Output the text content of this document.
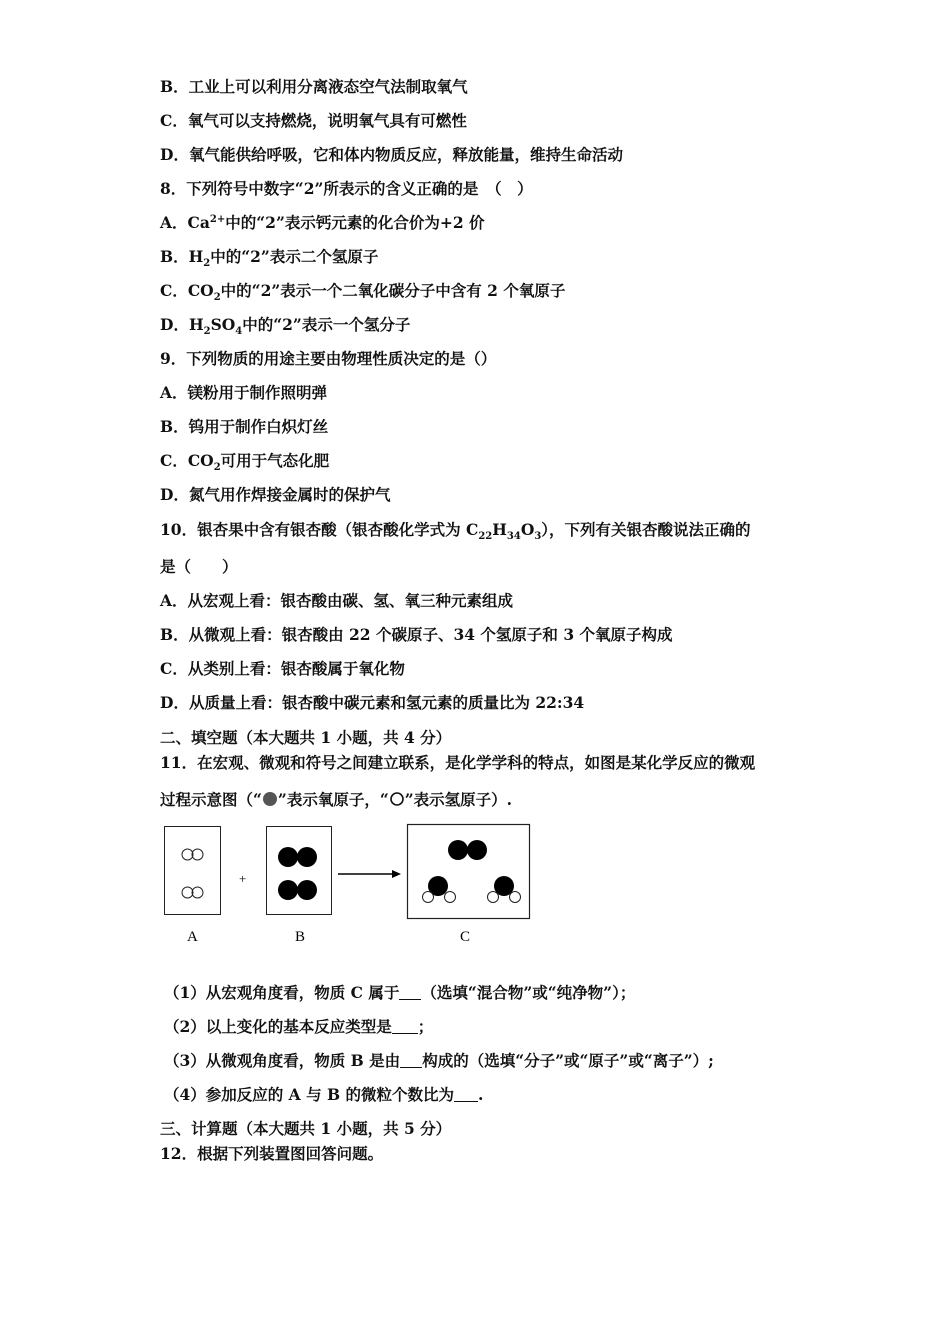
B．工业上可以利用分离液态空气法制取氧气
C．氧气可以支持燃烧，说明氧气具有可燃性
D．氧气能供给呼吸，它和体内物质反应，释放能量，维持生命活动
8．下列符号中数字“2”所表示的含义正确的是　（　）
A．$Ca^{2+}$中的“2”表示钙元素的化合价为+2 价
B．$H_2$中的“2”表示二个氢原子
C．$CO_2$中的“2”表示一个二氧化碳分子中含有 2 个氧原子
D．$H_2SO_4$中的“2”表示一个氢分子
9．下列物质的用途主要由物理性质决定的是（）
A．镁粉用于制作照明弹
B．钨用于制作白炽灯丝
C．$CO_2$可用于气态化肥
D．氮气用作焊接金属时的保护气
10．银杏果中含有银杏酸（银杏酸化学式为 $C_{22}H_{34}O_3$），下列有关银杏酸说法正确的
是（　　）
A．从宏观上看：银杏酸由碳、氢、氧三种元素组成
B．从微观上看：银杏酸由 22 个碳原子、34 个氢原子和 3 个氧原子构成
C．从类别上看：银杏酸属于氧化物
D．从质量上看：银杏酸中碳元素和氢元素的质量比为 22:34
二、填空题（本大题共 1 小题，共 4 分）
11．在宏观、微观和符号之间建立联系，是化学学科的特点，如图是某化学反应的微观
过程示意图（“ ”表示氧原子，“ ”表示氢原子）.
+
A	B	C
（1）从宏观角度看，物质 C 属于 （选填“混合物”或“纯净物”）；
（2）以上变化的基本反应类型是 ；
（3）从微观角度看，物质 B 是由 构成的（选填“分子”或“原子”或“离子”）;
（4）参加反应的 A 与 B 的微粒个数比为 .
三、计算题（本大题共 1 小题，共 5 分）
12．根据下列装置图回答问题。
